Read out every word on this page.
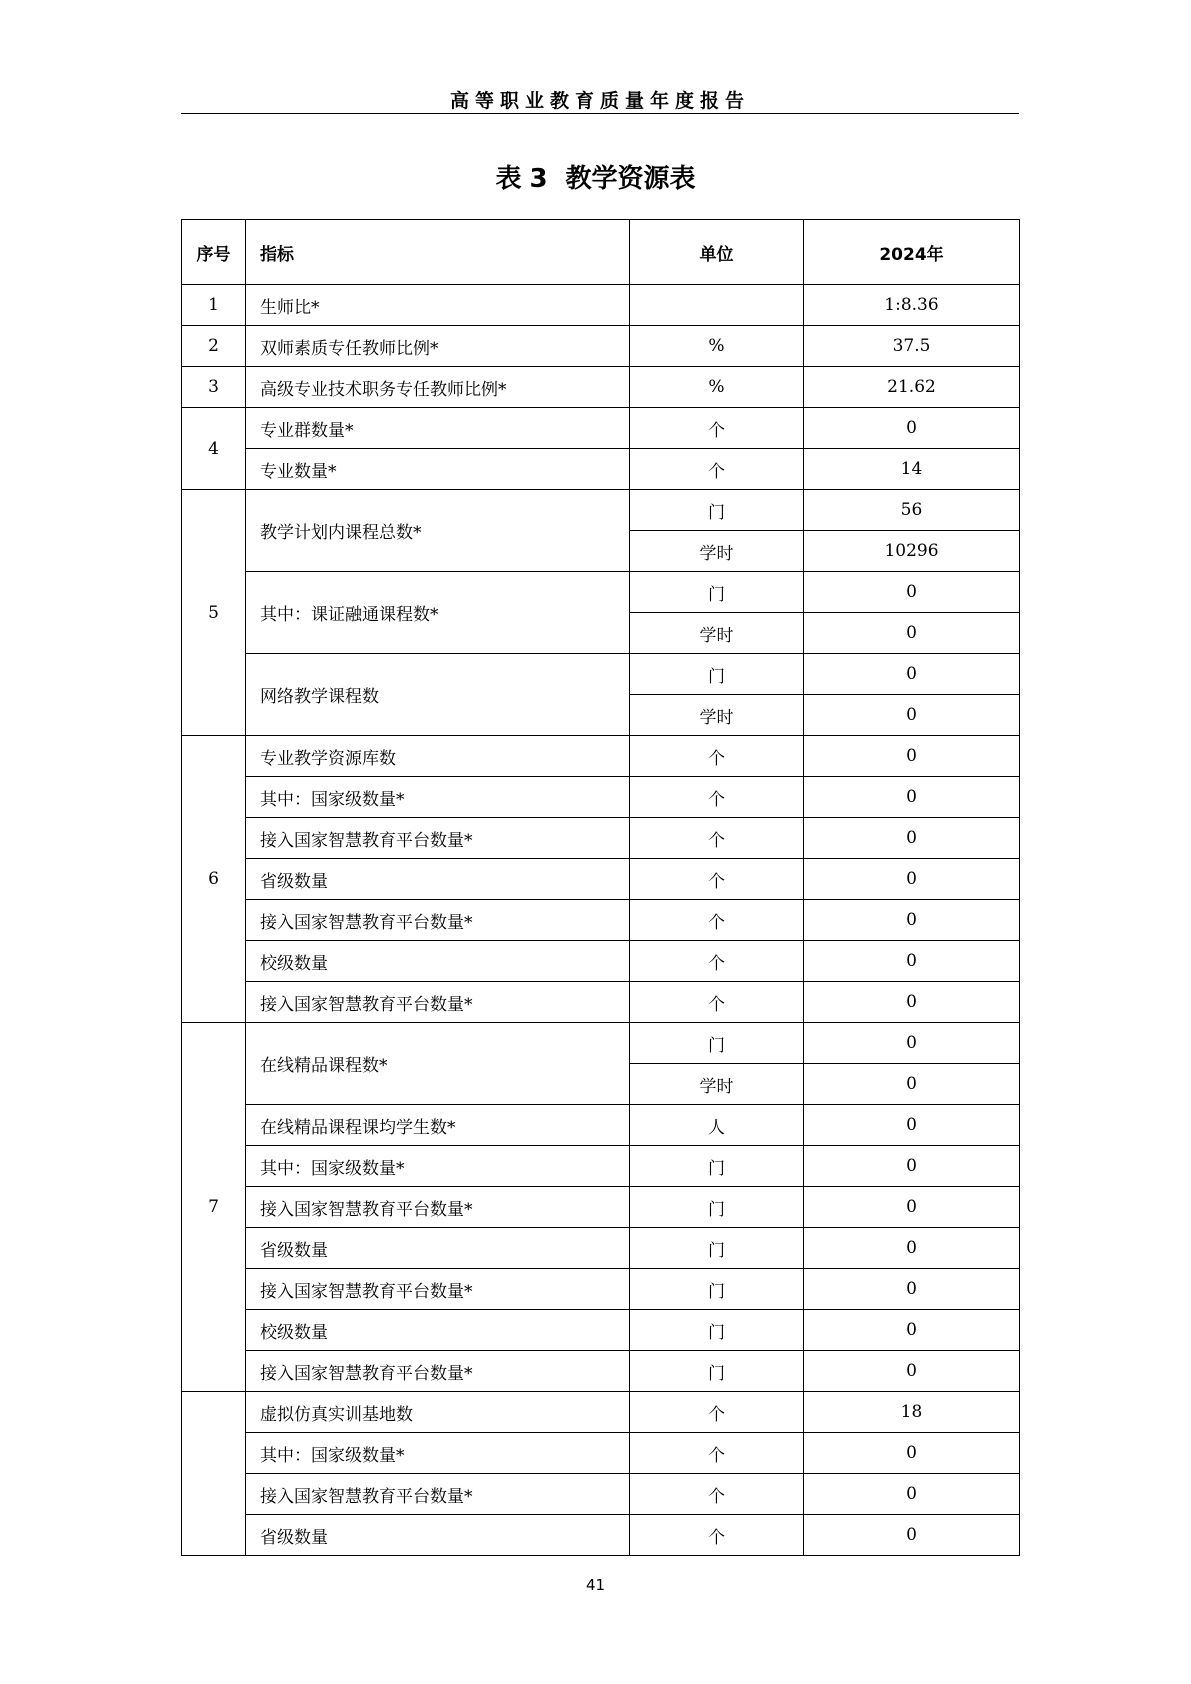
高等职业教育质量年度报告
表 3 教学资源表
序号	指标	单位	2024年
1	生师比*		1:8.36
2	双师素质专任教师比例*	%	37.5
3	高级专业技术职务专任教师比例*	%	21.62
4	专业群数量*	个	0
	专业数量*	个	14
5	教学计划内课程总数*	门	56
		学时	10296
	其中：课证融通课程数*	门	0
		学时	0
	网络教学课程数	门	0
		学时	0
6	专业教学资源库数	个	0
	其中：国家级数量*	个	0
	接入国家智慧教育平台数量*	个	0
	省级数量	个	0
	接入国家智慧教育平台数量*	个	0
	校级数量	个	0
	接入国家智慧教育平台数量*	个	0
7	在线精品课程数*	门	0
		学时	0
	在线精品课程课均学生数*	人	0
	其中：国家级数量*	门	0
	接入国家智慧教育平台数量*	门	0
	省级数量	门	0
	接入国家智慧教育平台数量*	门	0
	校级数量	门	0
	接入国家智慧教育平台数量*	门	0
	虚拟仿真实训基地数	个	18
	其中：国家级数量*	个	0
	接入国家智慧教育平台数量*	个	0
	省级数量	个	0
41
